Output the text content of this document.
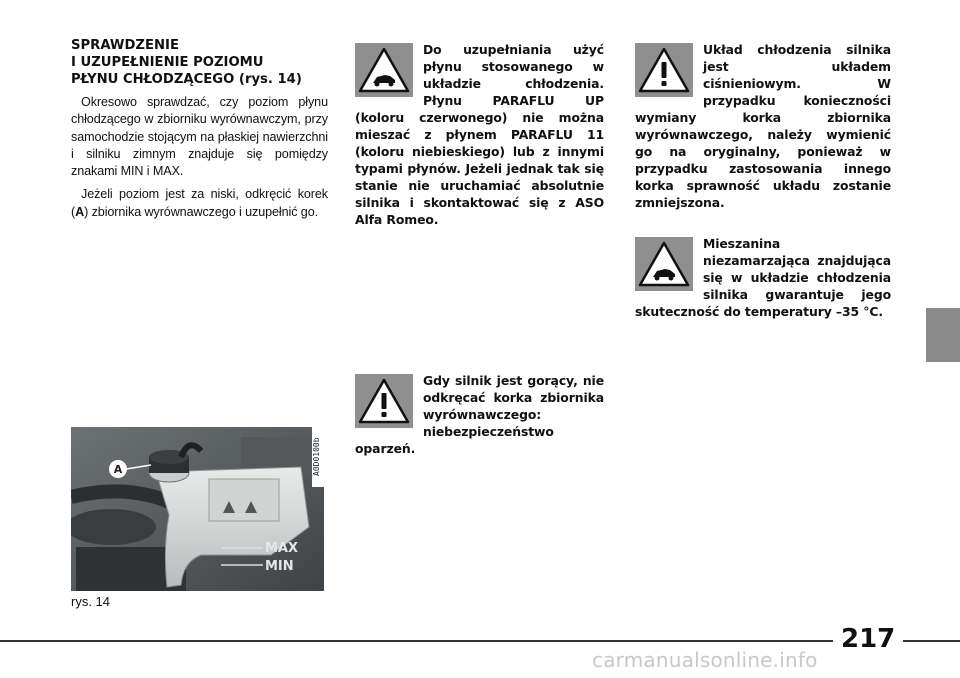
SPRAWDZENIE
I UZUPEŁNIENIE POZIOMU
PŁYNU CHŁODZĄCEGO (rys. 14)

Okresowo sprawdzać, czy poziom płynu chłodzącego w zbiorniku wyrównawczym, przy samochodzie stojącym na płaskiej nawierzchni i silniku zimnym znajduje się pomiędzy znakami MIN i MAX.

Jeżeli poziom jest za niski, odkręcić korek (A) zbiornika wyrównawczego i uzupełnić go.

A
MAX
MIN
A0D0100b
rys. 14

Do uzupełniania użyć płynu stosowanego w układzie chłodzenia. Płynu PARAFLU UP (koloru czerwonego) nie można mieszać z płynem PARAFLU 11 (koloru niebieskiego) lub z innymi typami płynów. Jeżeli jednak tak się stanie nie uruchamiać absolutnie silnika i skontaktować się z ASO Alfa Romeo.

Gdy silnik jest gorący, nie odkręcać korka zbiornika wyrównawczego: niebezpieczeństwo oparzeń.

Układ chłodzenia silnika jest układem ciśnieniowym. W przypadku konieczności wymiany korka zbiornika wyrównawczego, należy wymienić go na oryginalny, ponieważ w przypadku zastosowania innego korka sprawność układu zostanie zmniejszona.

Mieszanina niezamarzająca znajdująca się w układzie chłodzenia silnika gwarantuje jego skuteczność do temperatury –35 °C.

217
carmanualsonline.info
